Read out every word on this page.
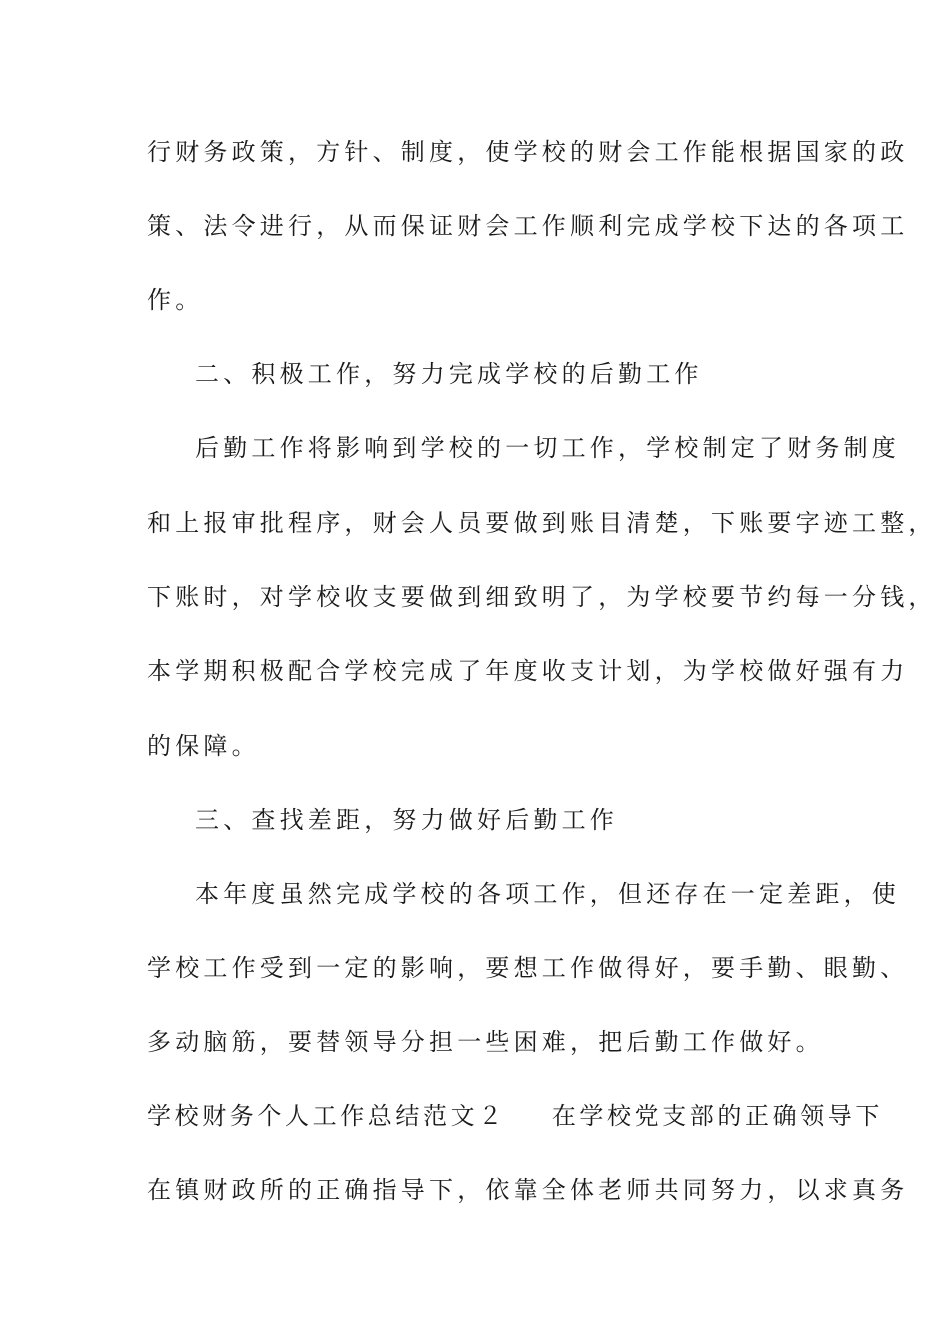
行财务政策，方针、制度，使学校的财会工作能根据国家的政
策、法令进行，从而保证财会工作顺利完成学校下达的各项工
作。
二、积极工作，努力完成学校的后勤工作
后勤工作将影响到学校的一切工作，学校制定了财务制度
和上报审批程序，财会人员要做到账目清楚，下账要字迹工整，
下账时，对学校收支要做到细致明了，为学校要节约每一分钱，
本学期积极配合学校完成了年度收支计划，为学校做好强有力
的保障。
三、查找差距，努力做好后勤工作
本年度虽然完成学校的各项工作，但还存在一定差距，使
学校工作受到一定的影响，要想工作做得好，要手勤、眼勤、
多动脑筋，要替领导分担一些困难，把后勤工作做好。
学校财务个人工作总结范文２ 在学校党支部的正确领导下
在镇财政所的正确指导下，依靠全体老师共同努力，以求真务
